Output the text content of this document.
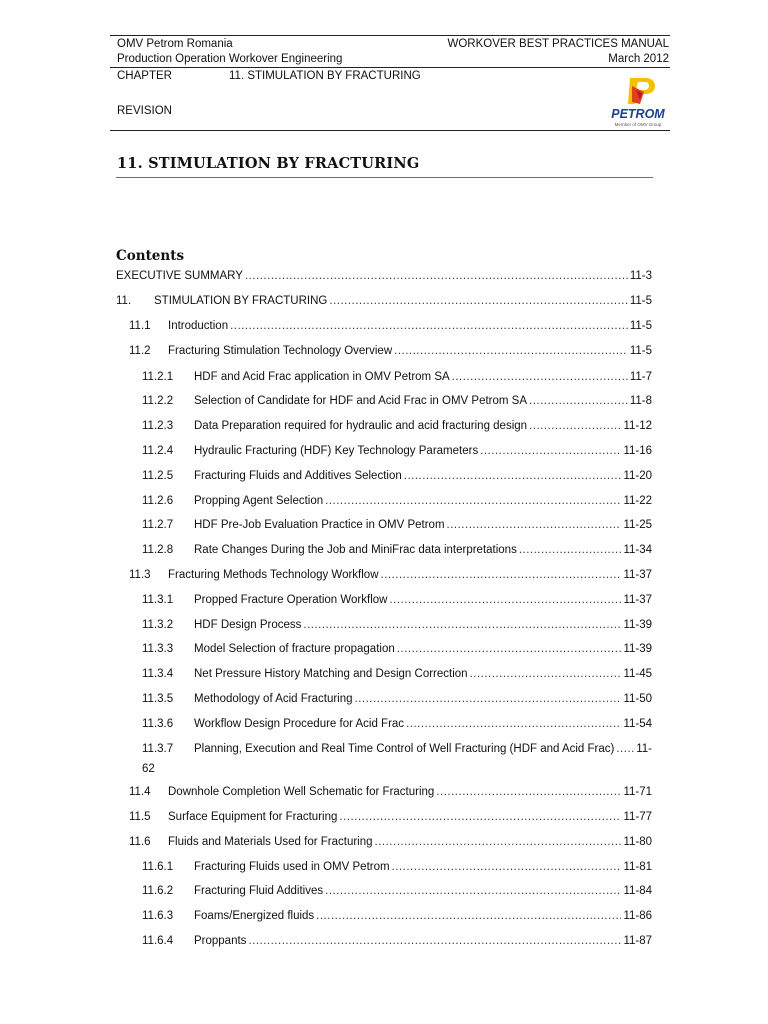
OMV Petrom Romania
Production Operation Workover Engineering
WORKOVER BEST PRACTICES MANUAL
March 2012
CHAPTER	11. STIMULATION BY FRACTURING
REVISION	PETROM
Member of OMV Group
11. STIMULATION BY FRACTURING
Contents
EXECUTIVE SUMMARY .....	11-3
11.	STIMULATION BY FRACTURING .....	11-5
11.1	Introduction .....	11-5
11.2	Fracturing Stimulation Technology Overview .....	11-5
11.2.1	HDF and Acid Frac application in OMV Petrom SA .....	11-7
11.2.2	Selection of Candidate for HDF and Acid Frac in OMV Petrom SA .....	11-8
11.2.3	Data Preparation required for hydraulic and acid fracturing design .....	11-12
11.2.4	Hydraulic Fracturing (HDF) Key Technology Parameters .....	11-16
11.2.5	Fracturing Fluids and Additives Selection .....	11-20
11.2.6	Propping Agent Selection .....	11-22
11.2.7	HDF Pre-Job Evaluation Practice in OMV Petrom .....	11-25
11.2.8	Rate Changes During the Job and MiniFrac data interpretations .....	11-34
11.3	Fracturing Methods Technology Workflow .....	11-37
11.3.1	Propped Fracture Operation Workflow .....	11-37
11.3.2	HDF Design Process .....	11-39
11.3.3	Model Selection of fracture propagation .....	11-39
11.3.4	Net Pressure History Matching and Design Correction .....	11-45
11.3.5	Methodology of Acid Fracturing .....	11-50
11.3.6	Workflow Design Procedure for Acid Frac .....	11-54
11.3.7	Planning, Execution and Real Time Control of Well Fracturing (HDF and Acid Frac) ..... 11-
62
11.4	Downhole Completion Well Schematic for Fracturing .....	11-71
11.5	Surface Equipment for Fracturing .....	11-77
11.6	Fluids and Materials Used for Fracturing .....	11-80
11.6.1	Fracturing Fluids used in OMV Petrom .....	11-81
11.6.2	Fracturing Fluid Additives .....	11-84
11.6.3	Foams/Energized fluids .....	11-86
11.6.4	Proppants .....	11-87
